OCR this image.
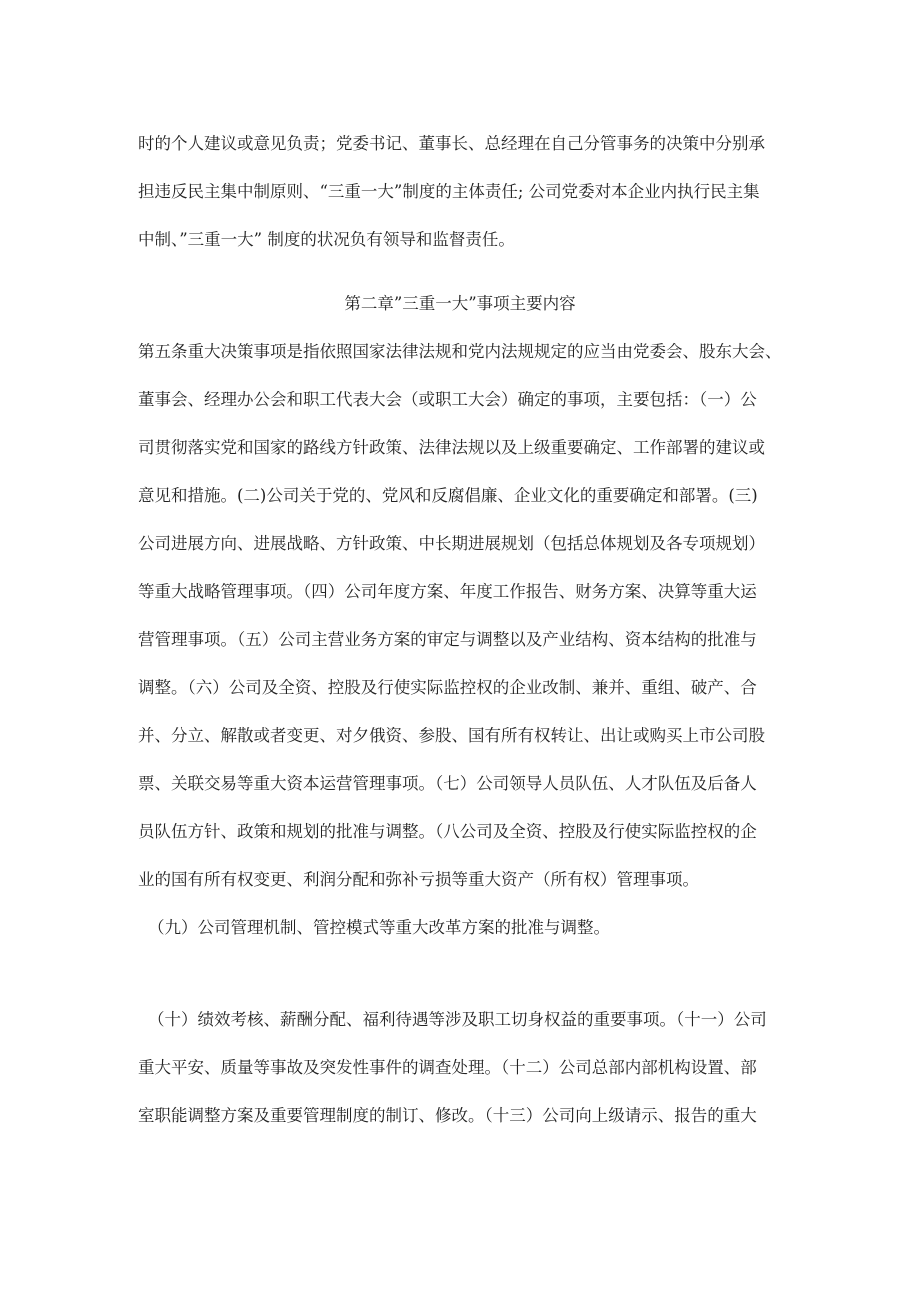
时的个人建议或意见负责；党委书记、董事长、总经理在自己分管事务的决策中分别承
担违反民主集中制原则、“三重一大”制度的主体责任; 公司党委对本企业内执行民主集
中制、”三重一大” 制度的状况负有领导和监督责任。
第二章”三重一大”事项主要内容
第五条重大决策事项是指依照国家法律法规和党内法规规定的应当由党委会、股东大会、
董事会、经理办公会和职工代表大会（或职工大会）确定的事项，主要包括：（一）公
司贯彻落实党和国家的路线方针政策、法律法规以及上级重要确定、工作部署的建议或
意见和措施。(二)公司关于党的、党风和反腐倡廉、企业文化的重要确定和部署。(三)
公司进展方向、进展战略、方针政策、中长期进展规划（包括总体规划及各专项规划）
等重大战略管理事项。（四）公司年度方案、年度工作报告、财务方案、决算等重大运
营管理事项。（五）公司主营业务方案的审定与调整以及产业结构、资本结构的批准与
调整。（六）公司及全资、控股及行使实际监控权的企业改制、兼并、重组、破产、合
并、分立、解散或者变更、对夕俄资、参股、国有所有权转让、出让或购买上市公司股
票、关联交易等重大资本运营管理事项。（七）公司领导人员队伍、人才队伍及后备人
员队伍方针、政策和规划的批准与调整。（八公司及全资、控股及行使实际监控权的企
业的国有所有权变更、利润分配和弥补亏损等重大资产（所有权）管理事项。
（九）公司管理机制、管控模式等重大改革方案的批准与调整。
（十）绩效考核、薪酬分配、福利待遇等涉及职工切身权益的重要事项。（十一）公司
重大平安、质量等事故及突发性事件的调查处理。（十二）公司总部内部机构设置、部
室职能调整方案及重要管理制度的制订、修改。（十三）公司向上级请示、报告的重大
